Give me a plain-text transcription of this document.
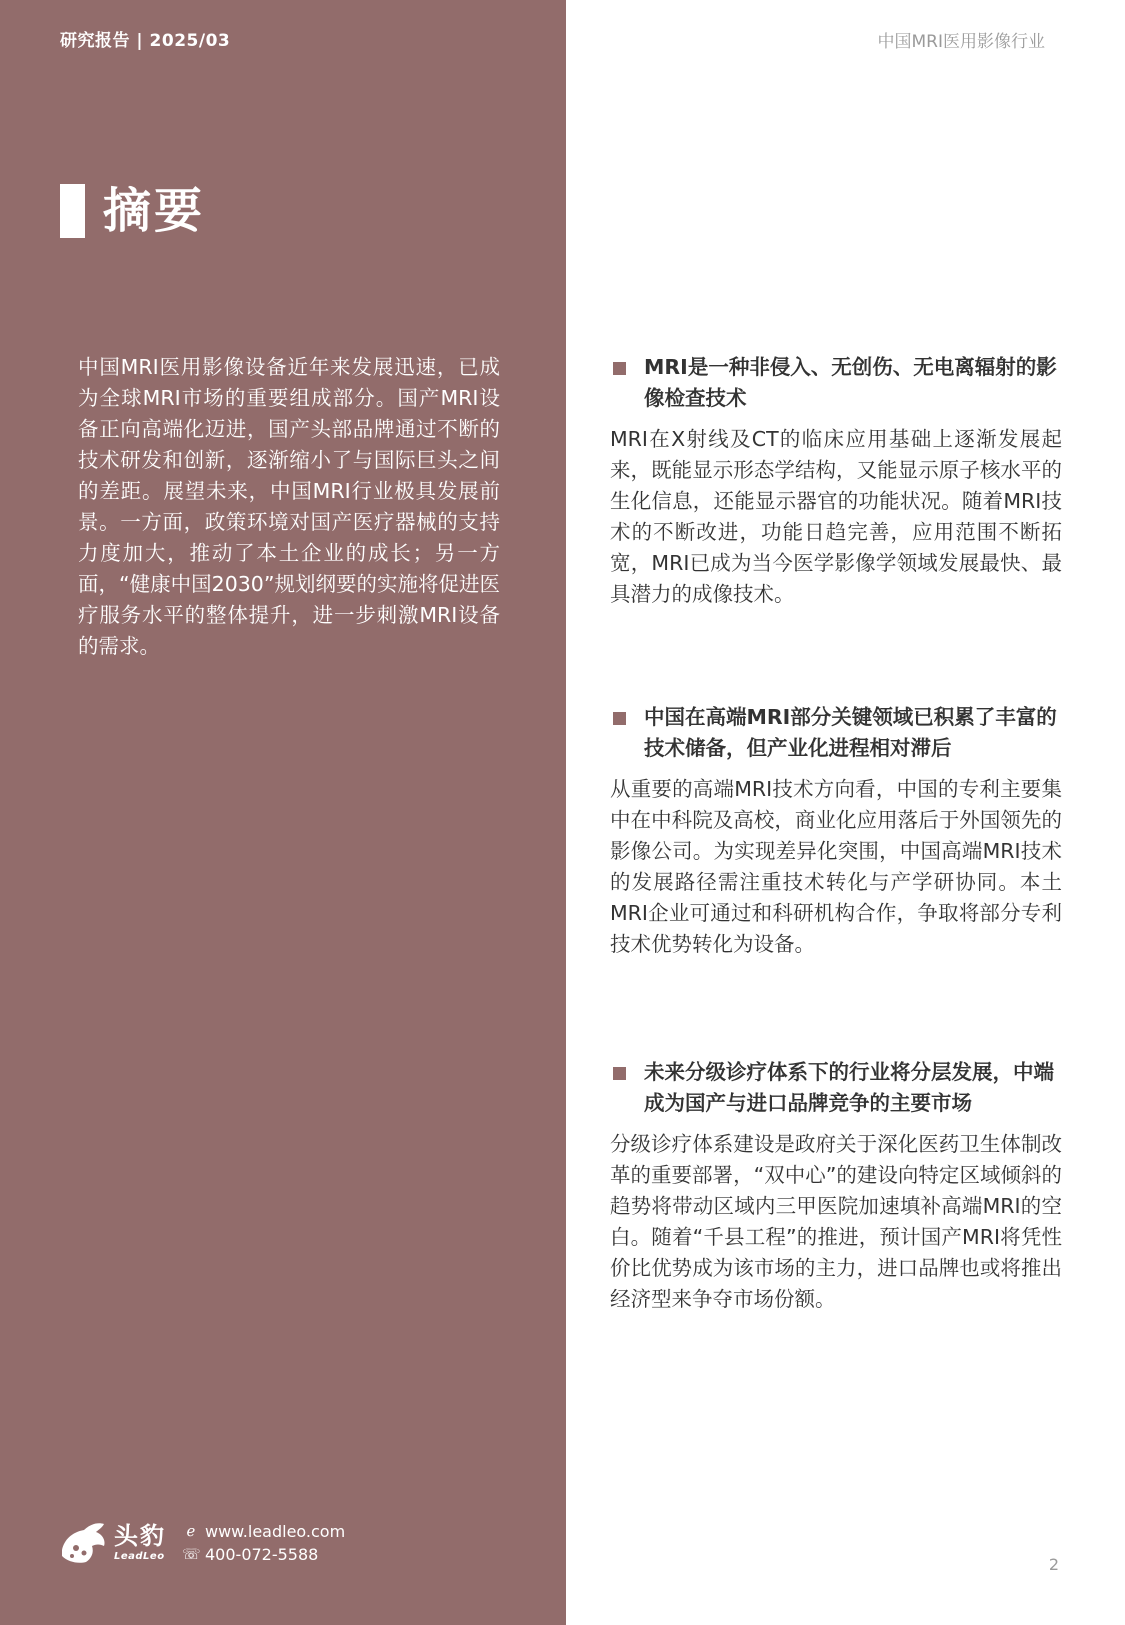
研究报告 | 2025/03	中国MRI医用影像行业
摘要
中国MRI医用影像设备近年来发展迅速，已成为全球MRI市场的重要组成部分。国产MRI设备正向高端化迈进，国产头部品牌通过不断的技术研发和创新，逐渐缩小了与国际巨头之间的差距。展望未来，中国MRI行业极具发展前景。一方面，政策环境对国产医疗器械的支持力度加大，推动了本土企业的成长；另一方面，“健康中国2030”规划纲要的实施将促进医疗服务水平的整体提升，进一步刺激MRI设备的需求。
MRI是一种非侵入、无创伤、无电离辐射的影像检查技术
MRI在X射线及CT的临床应用基础上逐渐发展起来，既能显示形态学结构，又能显示原子核水平的生化信息，还能显示器官的功能状况。随着MRI技术的不断改进，功能日趋完善，应用范围不断拓宽，MRI已成为当今医学影像学领域发展最快、最具潜力的成像技术。
中国在高端MRI部分关键领域已积累了丰富的技术储备，但产业化进程相对滞后
从重要的高端MRI技术方向看，中国的专利主要集中在中科院及高校，商业化应用落后于外国领先的影像公司。为实现差异化突围，中国高端MRI技术的发展路径需注重技术转化与产学研协同。本土MRI企业可通过和科研机构合作，争取将部分专利技术优势转化为设备。
未来分级诊疗体系下的行业将分层发展，中端成为国产与进口品牌竞争的主要市场
分级诊疗体系建设是政府关于深化医药卫生体制改革的重要部署，“双中心”的建设向特定区域倾斜的趋势将带动区域内三甲医院加速填补高端MRI的空白。随着“千县工程”的推进，预计国产MRI将凭性价比优势成为该市场的主力，进口品牌也或将推出经济型来争夺市场份额。
头豹
LeadLeo
ℯ www.leadleo.com
☏ 400-072-5588
2
